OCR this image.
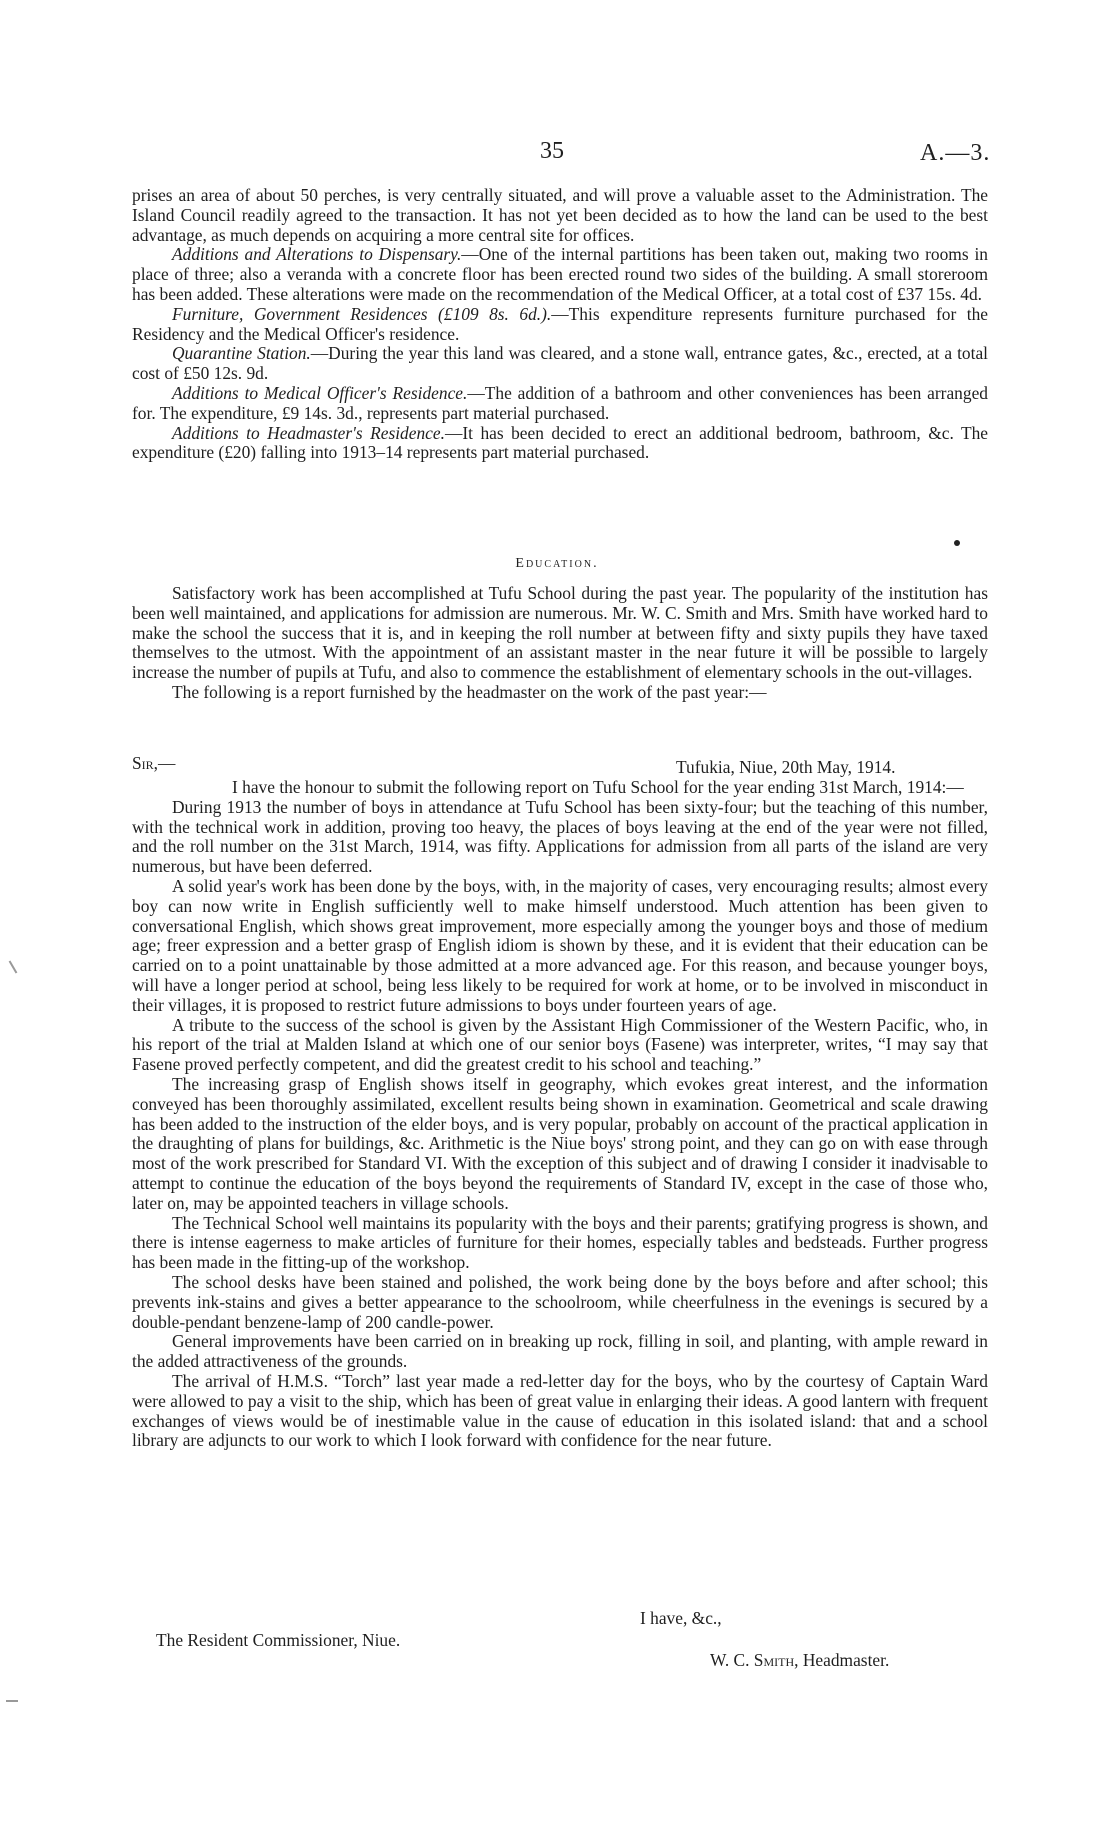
35	A.—3.

prises an area of about 50 perches, is very centrally situated, and will prove a valuable asset to the Administration. The Island Council readily agreed to the transaction. It has not yet been decided as to how the land can be used to the best advantage, as much depends on acquiring a more central site for offices.

Additions and Alterations to Dispensary.—One of the internal partitions has been taken out, making two rooms in place of three; also a veranda with a concrete floor has been erected round two sides of the building. A small storeroom has been added. These alterations were made on the recommendation of the Medical Officer, at a total cost of £37 15s. 4d.

Furniture, Government Residences (£109 8s. 6d.).—This expenditure represents furniture purchased for the Residency and the Medical Officer's residence.

Quarantine Station.—During the year this land was cleared, and a stone wall, entrance gates, &c., erected, at a total cost of £50 12s. 9d.

Additions to Medical Officer's Residence.—The addition of a bathroom and other conveniences has been arranged for. The expenditure, £9 14s. 3d., represents part material purchased.

Additions to Headmaster's Residence.—It has been decided to erect an additional bedroom, bathroom, &c. The expenditure (£20) falling into 1913–14 represents part material purchased.

Education.

Satisfactory work has been accomplished at Tufu School during the past year. The popularity of the institution has been well maintained, and applications for admission are numerous. Mr. W. C. Smith and Mrs. Smith have worked hard to make the school the success that it is, and in keeping the roll number at between fifty and sixty pupils they have taxed themselves to the utmost. With the appointment of an assistant master in the near future it will be possible to largely increase the number of pupils at Tufu, and also to commence the establishment of elementary schools in the out-villages.

The following is a report furnished by the headmaster on the work of the past year:—

Sir,—	Tufukia, Niue, 20th May, 1914.

I have the honour to submit the following report on Tufu School for the year ending 31st March, 1914:—

During 1913 the number of boys in attendance at Tufu School has been sixty-four; but the teaching of this number, with the technical work in addition, proving too heavy, the places of boys leaving at the end of the year were not filled, and the roll number on the 31st March, 1914, was fifty. Applications for admission from all parts of the island are very numerous, but have been deferred.

A solid year's work has been done by the boys, with, in the majority of cases, very encouraging results; almost every boy can now write in English sufficiently well to make himself understood. Much attention has been given to conversational English, which shows great improvement, more especially among the younger boys and those of medium age; freer expression and a better grasp of English idiom is shown by these, and it is evident that their education can be carried on to a point unattainable by those admitted at a more advanced age. For this reason, and because younger boys, will have a longer period at school, being less likely to be required for work at home, or to be involved in misconduct in their villages, it is proposed to restrict future admissions to boys under fourteen years of age.

A tribute to the success of the school is given by the Assistant High Commissioner of the Western Pacific, who, in his report of the trial at Malden Island at which one of our senior boys (Fasene) was interpreter, writes, “I may say that Fasene proved perfectly competent, and did the greatest credit to his school and teaching.”

The increasing grasp of English shows itself in geography, which evokes great interest, and the information conveyed has been thoroughly assimilated, excellent results being shown in examination. Geometrical and scale drawing has been added to the instruction of the elder boys, and is very popular, probably on account of the practical application in the draughting of plans for buildings, &c. Arithmetic is the Niue boys' strong point, and they can go on with ease through most of the work prescribed for Standard VI. With the exception of this subject and of drawing I consider it inadvisable to attempt to continue the education of the boys beyond the requirements of Standard IV, except in the case of those who, later on, may be appointed teachers in village schools.

The Technical School well maintains its popularity with the boys and their parents; gratifying progress is shown, and there is intense eagerness to make articles of furniture for their homes, especially tables and bedsteads. Further progress has been made in the fitting-up of the workshop.

The school desks have been stained and polished, the work being done by the boys before and after school; this prevents ink-stains and gives a better appearance to the schoolroom, while cheerfulness in the evenings is secured by a double-pendant benzene-lamp of 200 candle-power.

General improvements have been carried on in breaking up rock, filling in soil, and planting, with ample reward in the added attractiveness of the grounds.

The arrival of H.M.S. “Torch” last year made a red-letter day for the boys, who by the courtesy of Captain Ward were allowed to pay a visit to the ship, which has been of great value in enlarging their ideas. A good lantern with frequent exchanges of views would be of inestimable value in the cause of education in this isolated island: that and a school library are adjuncts to our work to which I look forward with confidence for the near future.

I have, &c.,
The Resident Commissioner, Niue.
W. C. Smith, Headmaster.
